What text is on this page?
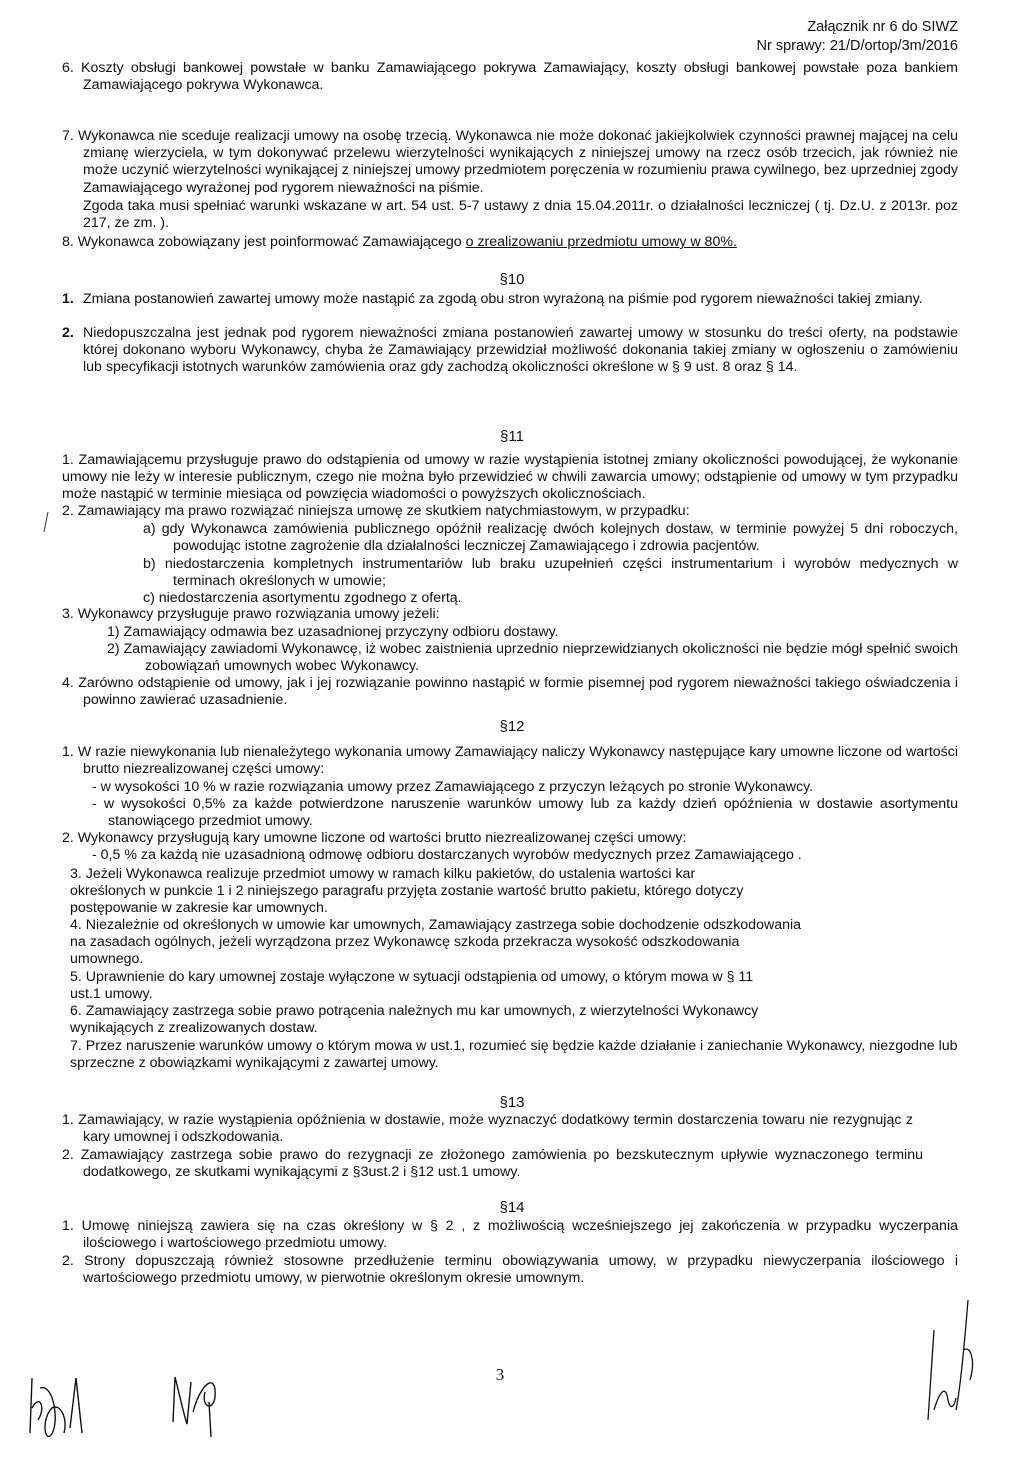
Załącznik nr 6 do SIWZ
Nr sprawy: 21/D/ortop/3m/2016
6. Koszty obsługi bankowej powstałe w banku Zamawiającego pokrywa Zamawiający, koszty obsługi bankowej powstałe poza bankiem Zamawiającego pokrywa Wykonawca.
7. Wykonawca nie sceduje realizacji umowy na osobę trzecią. Wykonawca nie może dokonać jakiejkolwiek czynności prawnej mającej na celu zmianę wierzyciela, w tym dokonywać przelewu wierzytelności wynikających z niniejszej umowy na rzecz osób trzecich, jak również nie może uczynić wierzytelności wynikającej z niniejszej umowy przedmiotem poręczenia w rozumieniu prawa cywilnego, bez uprzedniej zgody Zamawiającego wyrażonej pod rygorem nieważności na piśmie.
Zgoda taka musi spełniać warunki wskazane w art. 54 ust. 5-7 ustawy z dnia 15.04.2011r. o działalności leczniczej ( tj. Dz.U. z 2013r. poz 217, ze zm. ).
8. Wykonawca zobowiązany jest poinformować Zamawiającego o zrealizowaniu przedmiotu umowy w 80%.
§10
1. Zmiana postanowień zawartej umowy może nastąpić za zgodą obu stron wyrażoną na piśmie pod rygorem nieważności takiej zmiany.
2. Niedopuszczalna jest jednak pod rygorem nieważności zmiana postanowień zawartej umowy w stosunku do treści oferty, na podstawie której dokonano wyboru Wykonawcy, chyba że Zamawiający przewidział możliwość dokonania takiej zmiany w ogłoszeniu o zamówieniu lub specyfikacji istotnych warunków zamówienia oraz gdy zachodzą okoliczności określone w § 9 ust. 8 oraz § 14.
§11
1. Zamawiającemu przysługuje prawo do odstąpienia od umowy w razie wystąpienia istotnej zmiany okoliczności powodującej, że wykonanie umowy nie leży w interesie publicznym, czego nie można było przewidzieć w chwili zawarcia umowy; odstąpienie od umowy w tym przypadku może nastąpić w terminie miesiąca od powzięcia wiadomości o powyższych okolicznościach.
2. Zamawiający ma prawo rozwiązać niniejsza umowę ze skutkiem natychmiastowym, w przypadku:
a) gdy Wykonawca zamówienia publicznego opóźnił realizację dwóch kolejnych dostaw, w terminie powyżej 5 dni roboczych, powodując istotne zagrożenie dla działalności leczniczej Zamawiającego i zdrowia pacjentów.
b) niedostarczenia kompletnych instrumentariów lub braku uzupełnień części instrumentarium i wyrobów medycznych w terminach określonych w umowie;
c) niedostarczenia asortymentu zgodnego z ofertą.
3. Wykonawcy przysługuje prawo rozwiązania umowy jeżeli:
1) Zamawiający odmawia bez uzasadnionej przyczyny odbioru dostawy.
2) Zamawiający zawiadomi Wykonawcę, iż wobec zaistnienia uprzednio nieprzewidzianych okoliczności nie będzie mógł spełnić swoich zobowiązań umownych wobec Wykonawcy.
4. Zarówno odstąpienie od umowy, jak i jej rozwiązanie powinno nastąpić w formie pisemnej pod rygorem nieważności takiego oświadczenia i powinno zawierać uzasadnienie.
§12
1. W razie niewykonania lub nienależytego wykonania umowy Zamawiający naliczy Wykonawcy następujące kary umowne liczone od wartości brutto niezrealizowanej części umowy:
- w wysokości 10 % w razie rozwiązania umowy przez Zamawiającego z przyczyn leżących po stronie Wykonawcy.
- w wysokości 0,5% za każde potwierdzone naruszenie warunków umowy lub za każdy dzień opóźnienia w dostawie asortymentu stanowiącego przedmiot umowy.
2. Wykonawcy przysługują kary umowne liczone od wartości brutto niezrealizowanej części umowy:
- 0,5 % za każdą nie uzasadnioną odmowę odbioru dostarczanych wyrobów medycznych przez Zamawiającego .
3. Jeżeli Wykonawca realizuje przedmiot umowy w ramach kilku pakietów, do ustalenia wartości kar określonych w punkcie 1 i 2 niniejszego paragrafu przyjęta zostanie wartość brutto pakietu, którego dotyczy postępowanie w zakresie kar umownych.
4. Niezależnie od określonych w umowie kar umownych, Zamawiający zastrzega sobie dochodzenie odszkodowania na zasadach ogólnych, jeżeli wyrządzona przez Wykonawcę szkoda przekracza wysokość odszkodowania umownego.
5. Uprawnienie do kary umownej zostaje wyłączone w sytuacji odstąpienia od umowy, o którym mowa w § 11 ust.1 umowy.
6. Zamawiający zastrzega sobie prawo potrącenia należnych mu kar umownych, z wierzytelności Wykonawcy wynikających z zrealizowanych dostaw.
7. Przez naruszenie warunków umowy o którym mowa w ust.1, rozumieć się będzie każde działanie i zaniechanie Wykonawcy, niezgodne lub sprzeczne z obowiązkami wynikającymi z zawartej umowy.
§13
1. Zamawiający, w razie wystąpienia opóźnienia w dostawie, może wyznaczyć dodatkowy termin dostarczenia towaru nie rezygnując z kary umownej i odszkodowania.
2. Zamawiający zastrzega sobie prawo do rezygnacji ze złożonego zamówienia po bezskutecznym upływie wyznaczonego terminu dodatkowego, ze skutkami wynikającymi z §3ust.2 i §12 ust.1 umowy.
§14
1. Umowę niniejszą zawiera się na czas określony w § 2 , z możliwością wcześniejszego jej zakończenia w przypadku wyczerpania ilościowego i wartościowego przedmiotu umowy.
2. Strony dopuszczają również stosowne przedłużenie terminu obowiązywania umowy, w przypadku niewyczerpania ilościowego i wartościowego przedmiotu umowy, w pierwotnie określonym okresie umownym.
3
